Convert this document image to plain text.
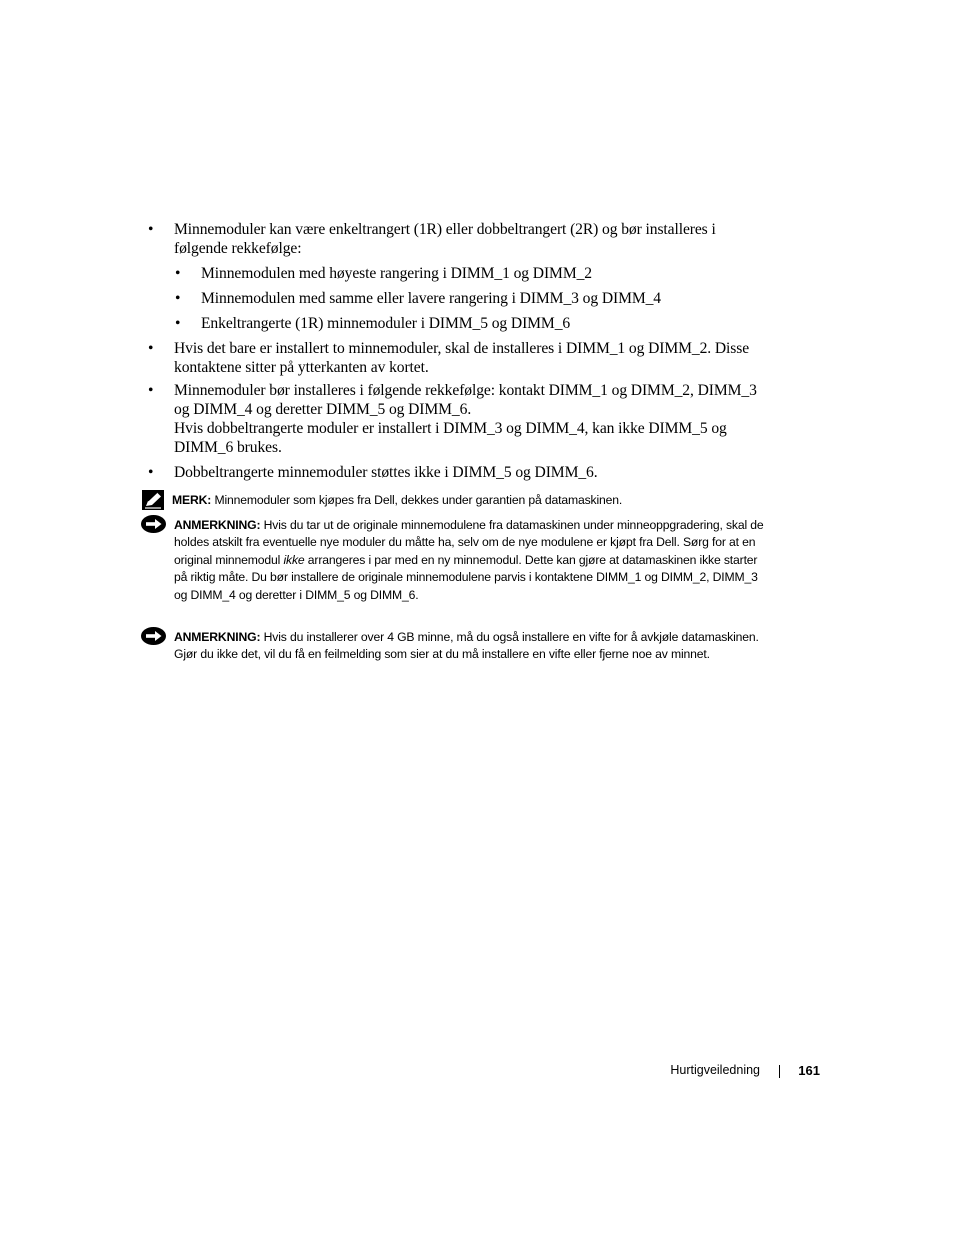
• Minnemoduler kan være enkeltrangert (1R) eller dobbeltrangert (2R) og bør installeres i følgende rekkefølge:
• Minnemodulen med høyeste rangering i DIMM_1 og DIMM_2
• Minnemodulen med samme eller lavere rangering i DIMM_3 og DIMM_4
• Enkeltrangerte (1R) minnemoduler i DIMM_5 og DIMM_6
• Hvis det bare er installert to minnemoduler, skal de installeres i DIMM_1 og DIMM_2. Disse kontaktene sitter på ytterkanten av kortet.
• Minnemoduler bør installeres i følgende rekkefølge: kontakt DIMM_1 og DIMM_2, DIMM_3 og DIMM_4 og deretter DIMM_5 og DIMM_6.
Hvis dobbeltrangerte moduler er installert i DIMM_3 og DIMM_4, kan ikke DIMM_5 og DIMM_6 brukes.
• Dobbeltrangerte minnemoduler støttes ikke i DIMM_5 og DIMM_6.
MERK: Minnemoduler som kjøpes fra Dell, dekkes under garantien på datamaskinen.
ANMERKNING: Hvis du tar ut de originale minnemodulene fra datamaskinen under minneoppgradering, skal de holdes atskilt fra eventuelle nye moduler du måtte ha, selv om de nye modulene er kjøpt fra Dell. Sørg for at en original minnemodul ikke arrangeres i par med en ny minnemodul. Dette kan gjøre at datamaskinen ikke starter på riktig måte. Du bør installere de originale minnemodulene parvis i kontaktene DIMM_1 og DIMM_2, DIMM_3 og DIMM_4 og deretter i DIMM_5 og DIMM_6.
ANMERKNING: Hvis du installerer over 4 GB minne, må du også installere en vifte for å avkjøle datamaskinen. Gjør du ikke det, vil du få en feilmelding som sier at du må installere en vifte eller fjerne noe av minnet.
Hurtigveiledning	161
